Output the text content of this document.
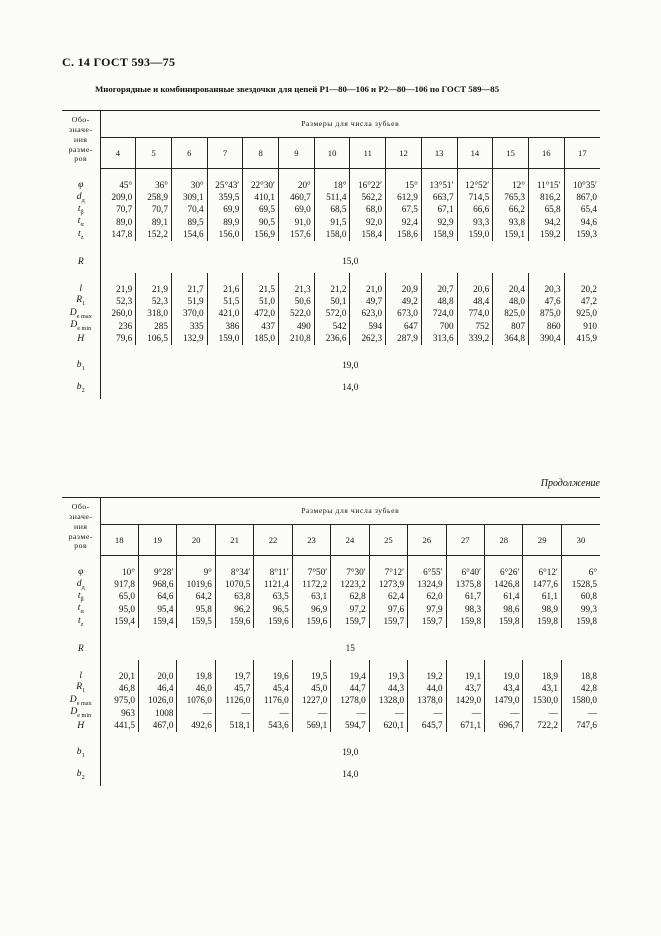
С. 14 ГОСТ 593—75
Многорядные и комбинированные звездочки для цепей Р1—80—106 и Р2—80—106 по ГОСТ 589—85
Продолжение
Обо-
значе-
ния
разме-
ров	Размеры для числа зубьев													
	4	5	6	7	8	9	10	11	12	13	14	15	16	17

φ	45°	36°	30°	25°43′	22°30′	20°	18°	16°22′	15°	13°51′	12°52′	12°	11°15′	10°35′
$d_д$	209,0	258,9	309,1	359,5	410,1	460,7	511,4	562,2	612,9	663,7	714,5	765,3	816,2	867,0
$t_\beta$	70,7	70,7	70,4	69,9	69,5	69,0	68,5	68,0	67,5	67,1	66,6	66,2	65,8	65,4
$t_\alpha$	89,0	89,1	89,5	89,9	90,5	91,0	91,5	92,0	92,4	92,9	93,3	93,8	94,2	94,6
$t_z$	147,8	152,2	154,6	156,0	156,9	157,6	158,0	158,4	158,6	158,9	159,0	159,1	159,2	159,3

R	15,0													

l	21,9	21,9	21,7	21,6	21,5	21,3	21,2	21,0	20,9	20,7	20,6	20,4	20,3	20,2
$R_1$	52,3	52,3	51,9	51,5	51,0	50,6	50,1	49,7	49,2	48,8	48,4	48,0	47,6	47,2
$D_{e max}$	260,0	318,0	370,0	421,0	472,0	522,0	572,0	623,0	673,0	724,0	774,0	825,0	875,0	925,0
$D_{e min}$	236	285	335	386	437	490	542	594	647	700	752	807	860	910
H	79,6	106,5	132,9	159,0	185,0	210,8	236,6	262,3	287,9	313,6	339,2	364,8	390,4	415,9

$b_1$	19,0													
$b_2$	14,0													
Обо-
значе-
ния
разме-
ров	Размеры для числа зубьев												
	18	19	20	21	22	23	24	25	26	27	28	29	30

φ	10°	9°28′	9°	8°34′	8°11′	7°50′	7°30′	7°12′	6°55′	6°40′	6°26′	6°12′	6°
$d_д$	917,8	968,6	1019,6	1070,5	1121,4	1172,2	1223,2	1273,9	1324,9	1375,8	1426,8	1477,6	1528,5
$t_\beta$	65,0	64,6	64,2	63,8	63,5	63,1	62,8	62,4	62,0	61,7	61,4	61,1	60,8
$t_\alpha$	95,0	95,4	95,8	96,2	96,5	96,9	97,2	97,6	97,9	98,3	98,6	98,9	99,3
$t_z$	159,4	159,4	159,5	159,6	159,6	159,6	159,7	159,7	159,7	159,8	159,8	159,8	159,8

R	15												

l	20,1	20,0	19,8	19,7	19,6	19,5	19,4	19,3	19,2	19,1	19,0	18,9	18,8
$R_1$	46,8	46,4	46,0	45,7	45,4	45,0	44,7	44,3	44,0	43,7	43,4	43,1	42,8
$D_{e max}$	975,0	1026,0	1076,0	1126,0	1176,0	1227,0	1278,0	1328,0	1378,0	1429,0	1479,0	1530,0	1580,0
$D_{e min}$	963	1008	—	—	—	—	—	—	—	—	—	—	—
H	441,5	467,0	492,6	518,1	543,6	569,1	594,7	620,1	645,7	671,1	696,7	722,2	747,6

$b_1$	19,0												
$b_2$	14,0												
